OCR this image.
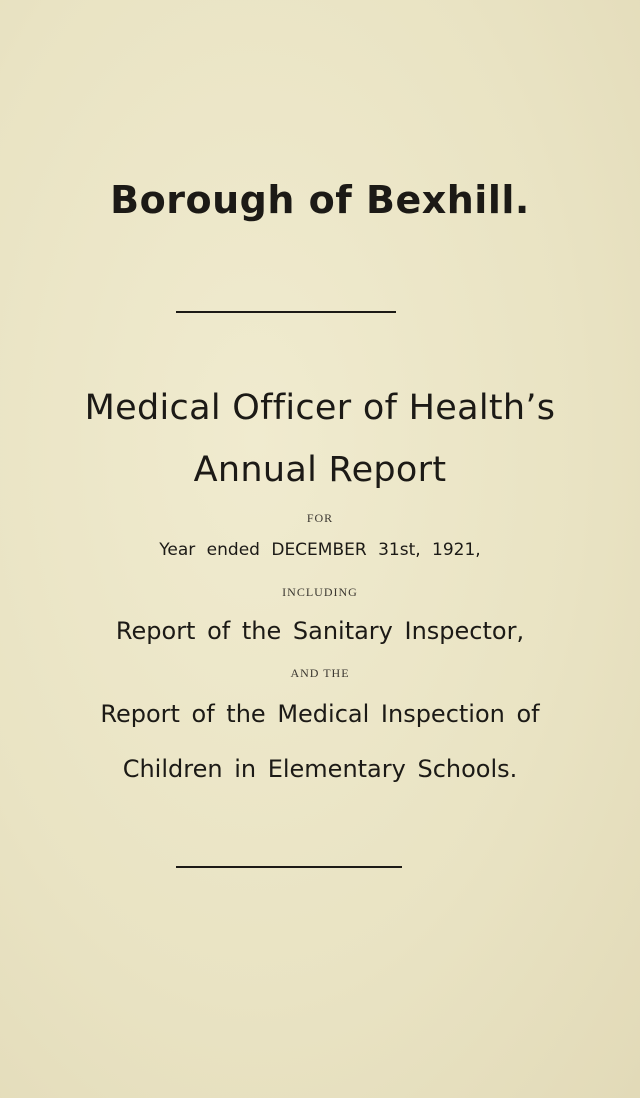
Borough of Bexhill.
Medical Officer of Health’s
Annual Report
FOR
Year ended DECEMBER 31st, 1921,
INCLUDING
Report of the Sanitary Inspector,
AND THE
Report of the Medical Inspection of
Children in Elementary Schools.
